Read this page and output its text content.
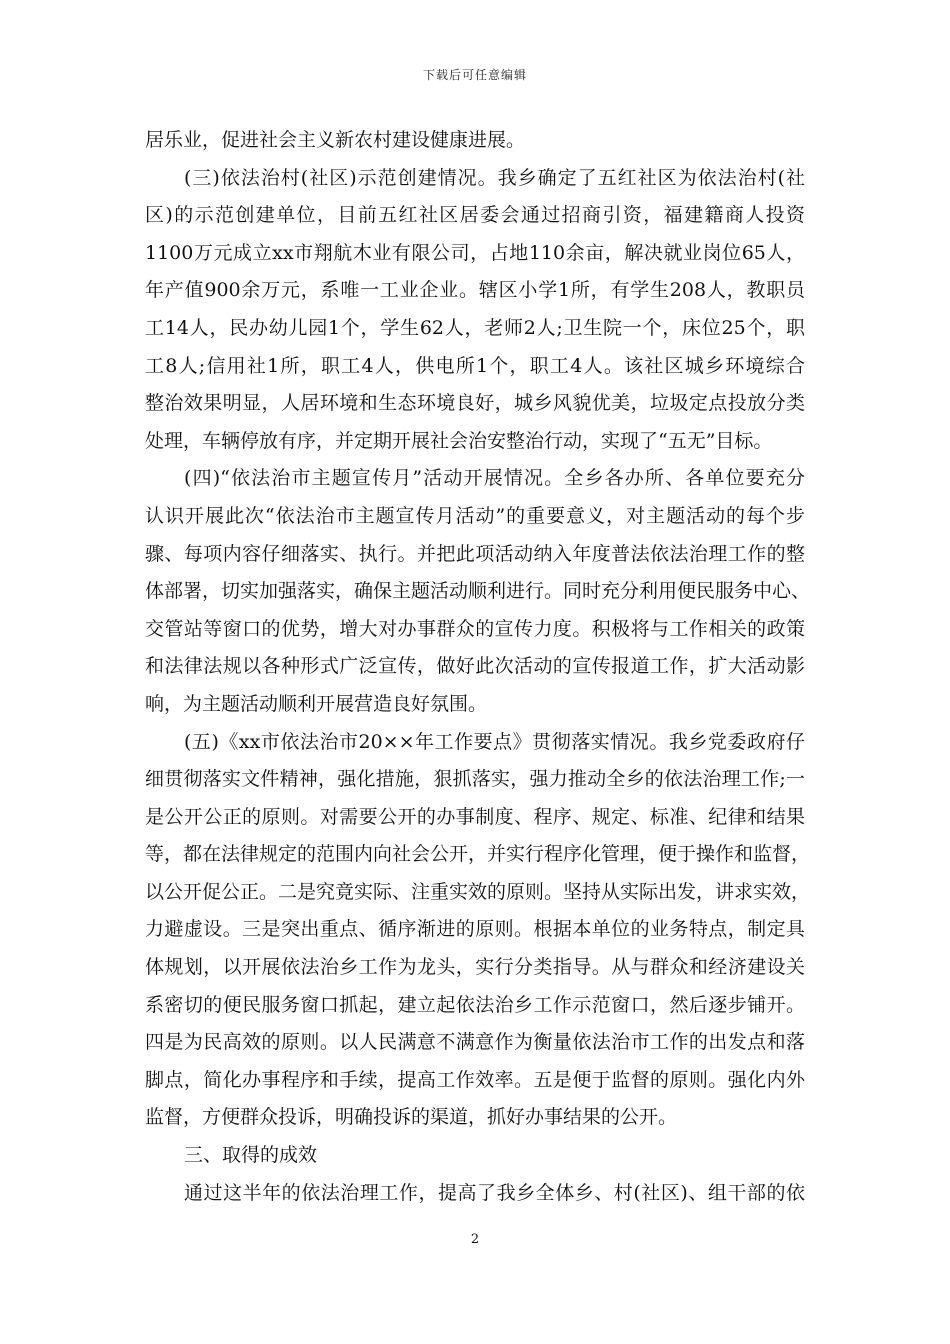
下载后可任意编辑
居乐业，促进社会主义新农村建设健康进展。
(三)依法治村(社区)示范创建情况。我乡确定了五红社区为依法治村(社
区)的示范创建单位，目前五红社区居委会通过招商引资，福建籍商人投资
1100万元成立xx市翔航木业有限公司，占地110余亩，解决就业岗位65人，
年产值900余万元，系唯一工业企业。辖区小学1所，有学生208人，教职员
工14人，民办幼儿园1个，学生62人，老师2人;卫生院一个，床位25个，职
工8人;信用社1所，职工4人，供电所1个，职工4人。该社区城乡环境综合
整治效果明显，人居环境和生态环境良好，城乡风貌优美，垃圾定点投放分类
处理，车辆停放有序，并定期开展社会治安整治行动，实现了“五无”目标。
(四)“依法治市主题宣传月”活动开展情况。全乡各办所、各单位要充分
认识开展此次“依法治市主题宣传月活动”的重要意义，对主题活动的每个步
骤、每项内容仔细落实、执行。并把此项活动纳入年度普法依法治理工作的整
体部署，切实加强落实，确保主题活动顺利进行。同时充分利用便民服务中心、
交管站等窗口的优势，增大对办事群众的宣传力度。积极将与工作相关的政策
和法律法规以各种形式广泛宣传，做好此次活动的宣传报道工作，扩大活动影
响，为主题活动顺利开展营造良好氛围。
(五)《xx市依法治市20××年工作要点》贯彻落实情况。我乡党委政府仔
细贯彻落实文件精神，强化措施，狠抓落实，强力推动全乡的依法治理工作;一
是公开公正的原则。对需要公开的办事制度、程序、规定、标准、纪律和结果
等，都在法律规定的范围内向社会公开，并实行程序化管理，便于操作和监督，
以公开促公正。二是究竟实际、注重实效的原则。坚持从实际出发，讲求实效，
力避虚设。三是突出重点、循序渐进的原则。根据本单位的业务特点，制定具
体规划，以开展依法治乡工作为龙头，实行分类指导。从与群众和经济建设关
系密切的便民服务窗口抓起，建立起依法治乡工作示范窗口，然后逐步铺开。
四是为民高效的原则。以人民满意不满意作为衡量依法治市工作的出发点和落
脚点，简化办事程序和手续，提高工作效率。五是便于监督的原则。强化内外
监督，方便群众投诉，明确投诉的渠道，抓好办事结果的公开。
三、取得的成效
通过这半年的依法治理工作，提高了我乡全体乡、村(社区)、组干部的依
2
